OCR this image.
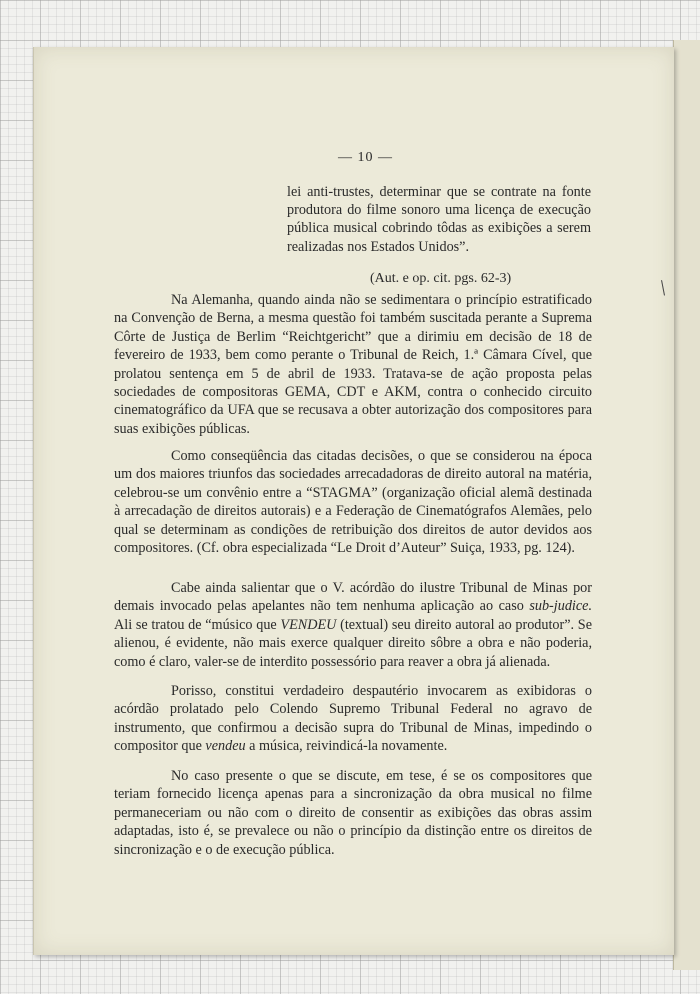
— 10 —
lei anti-trustes, determinar que se contrate na fonte produtora do filme sonoro uma licença de execução pública musical cobrindo tôdas as exibições a serem realizadas nos Estados Unidos”.
(Aut. e op. cit. pgs. 62-3)
Na Alemanha, quando ainda não se sedimentara o princípio estratificado na Convenção de Berna, a mesma questão foi também suscitada perante a Suprema Côrte de Justiça de Berlim “Reichtgericht” que a dirimiu em decisão de 18 de fevereiro de 1933, bem como perante o Tribunal de Reich, 1.ª Câmara Cível, que prolatou sentença em 5 de abril de 1933. Tratava-se de ação proposta pelas sociedades de compositoras GEMA, CDT e AKM, contra o conhecido circuito cinematográfico da UFA que se recusava a obter autorização dos compositores para suas exibições públicas.
Como conseqüência das citadas decisões, o que se considerou na época um dos maiores triunfos das sociedades arrecadadoras de direito autoral na matéria, celebrou-se um convênio entre a “STAGMA” (organização oficial alemã destinada à arrecadação de direitos autorais) e a Federação de Cinematógrafos Alemães, pelo qual se determinam as condições de retribuição dos direitos de autor devidos aos compositores. (Cf. obra especializada “Le Droit d’Auteur” Suiça, 1933, pg. 124).
Cabe ainda salientar que o V. acórdão do ilustre Tribunal de Minas por demais invocado pelas apelantes não tem nenhuma aplicação ao caso sub-judice. Ali se tratou de “músico que VENDEU (textual) seu direito autoral ao produtor”. Se alienou, é evidente, não mais exerce qualquer direito sôbre a obra e não poderia, como é claro, valer-se de interdito possessório para reaver a obra já alienada.
Porisso, constitui verdadeiro despautério invocarem as exibidoras o acórdão prolatado pelo Colendo Supremo Tribunal Federal no agravo de instrumento, que confirmou a decisão supra do Tribunal de Minas, impedindo o compositor que vendeu a música, reivindicá-la novamente.
No caso presente o que se discute, em tese, é se os compositores que teriam fornecido licença apenas para a sincronização da obra musical no filme permaneceriam ou não com o direito de consentir as exibições das obras assim adaptadas, isto é, se prevalece ou não o princípio da distinção entre os direitos de sincronização e o de execução pública.
\
